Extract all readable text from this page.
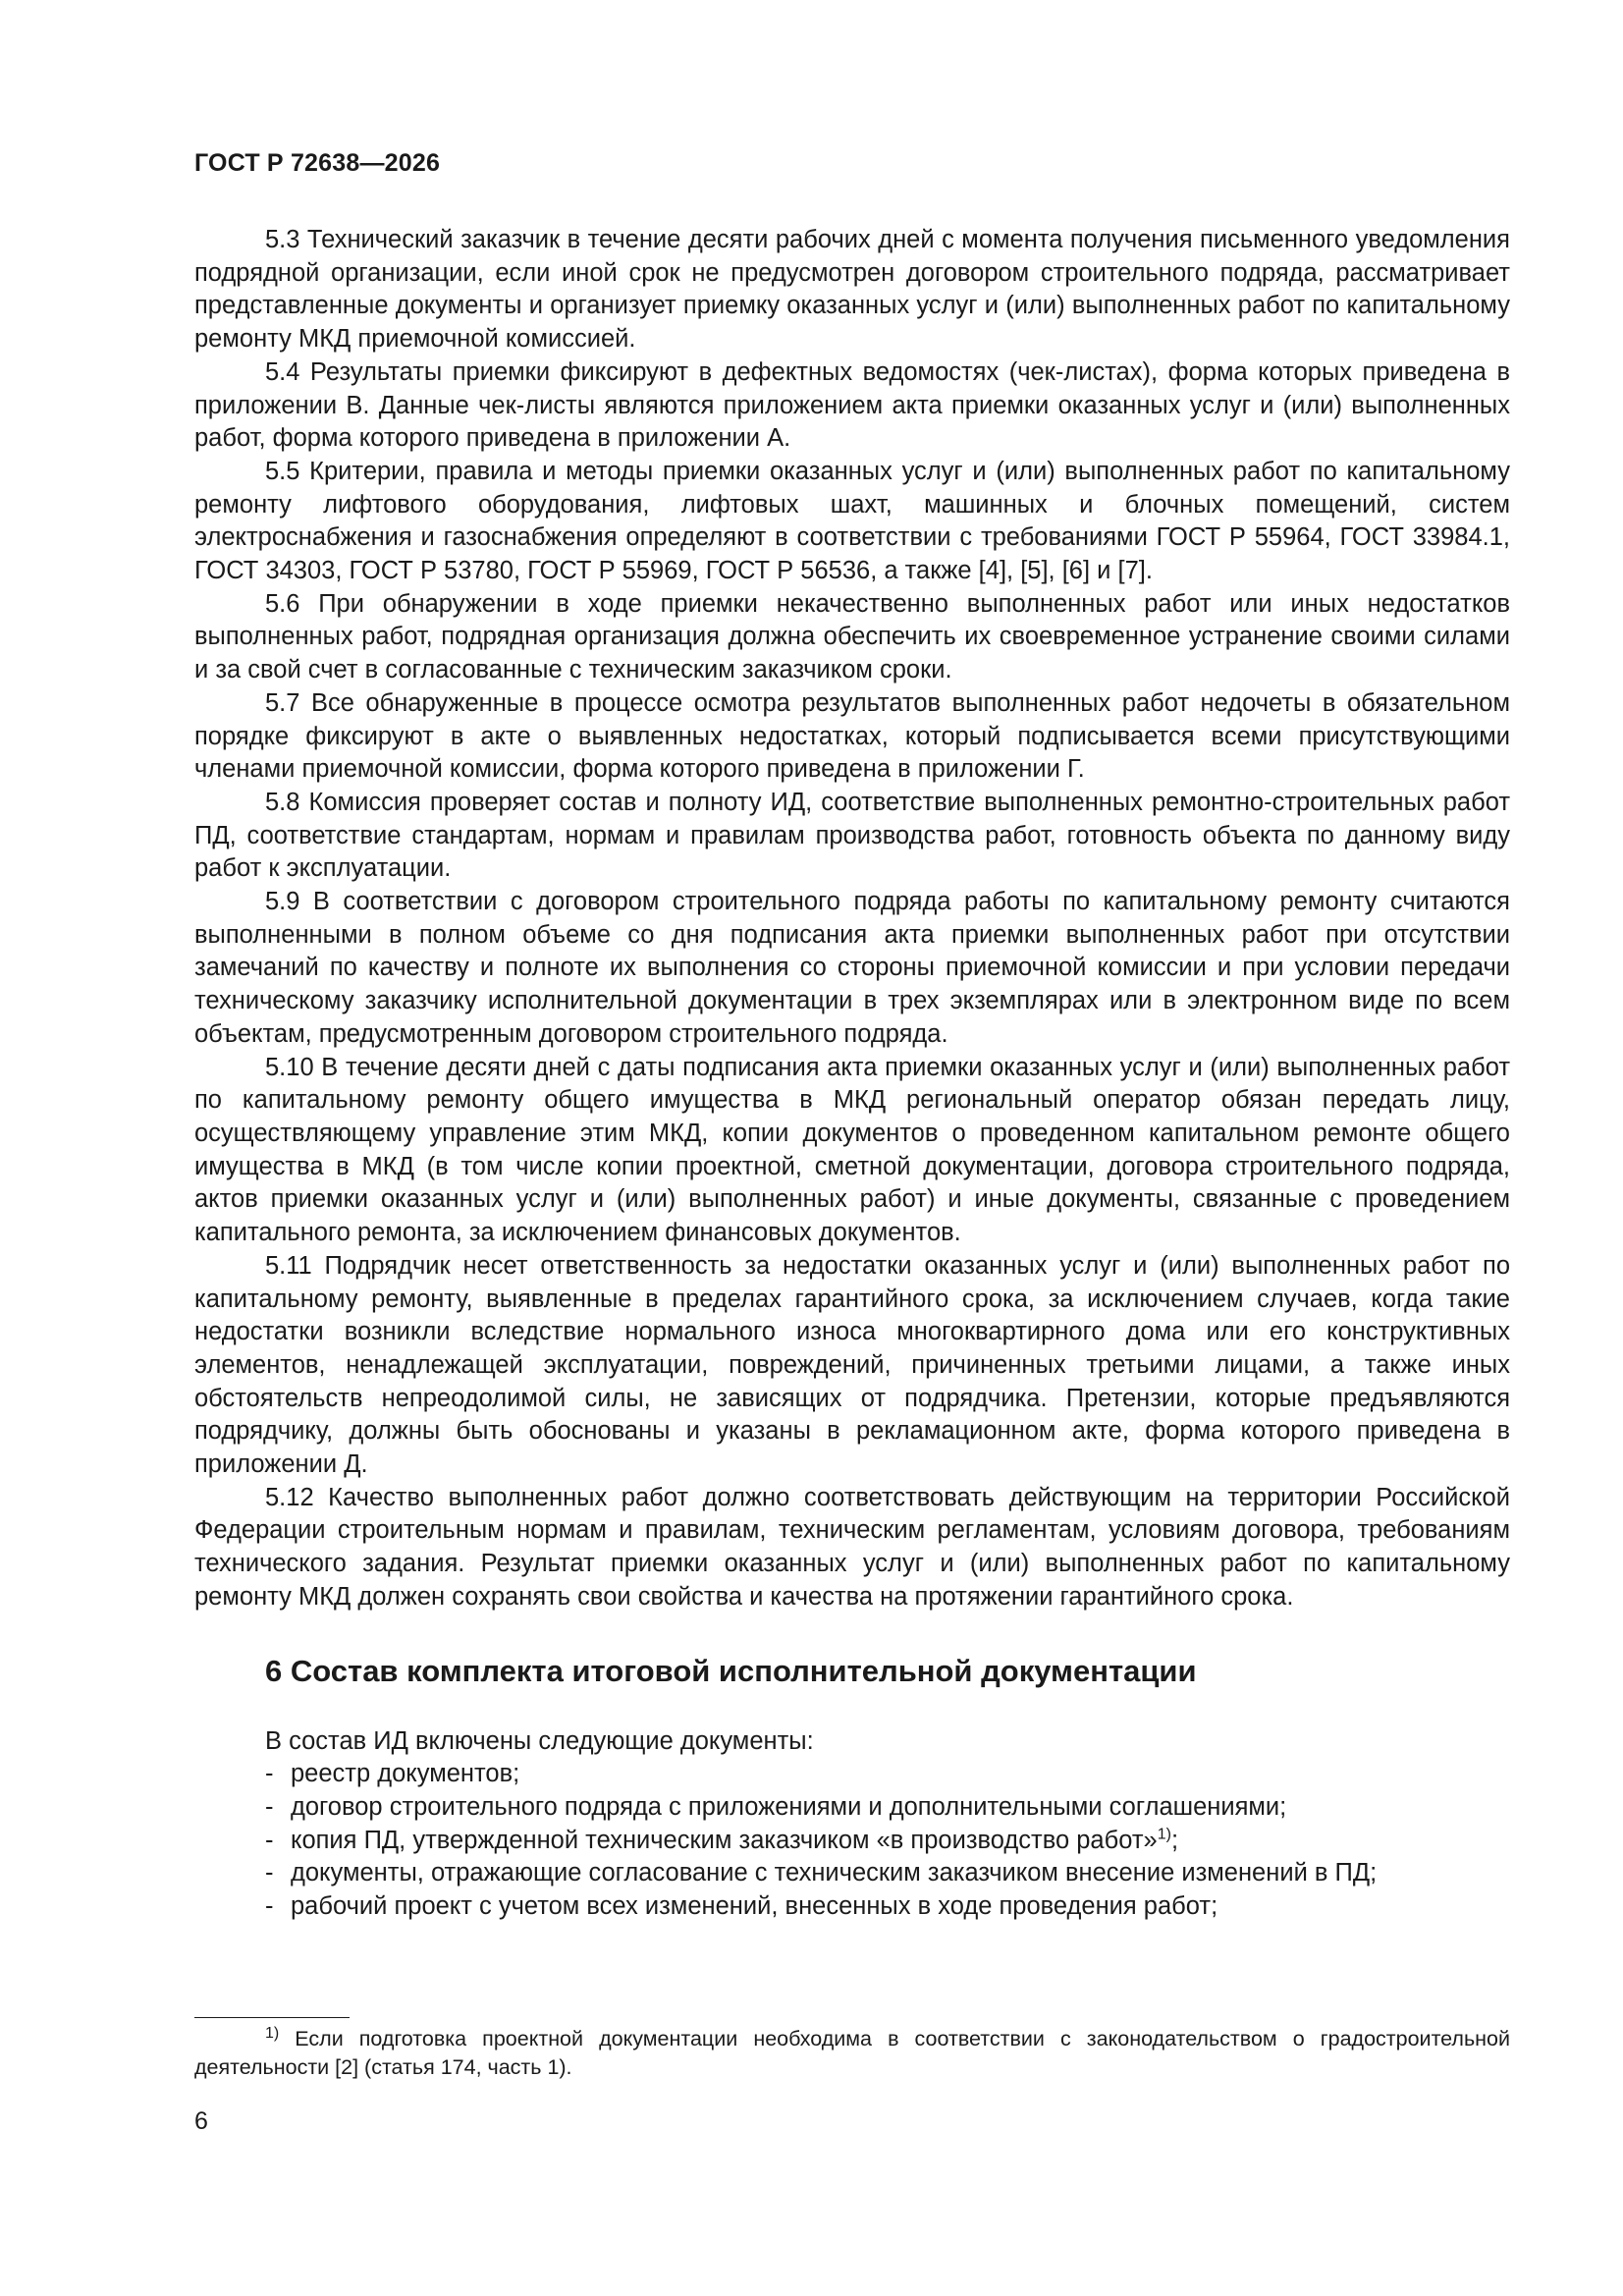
ГОСТ Р 72638—2026

5.3 Технический заказчик в течение десяти рабочих дней с момента получения письменного уведомления подрядной организации, если иной срок не предусмотрен договором строительного подряда, рассматривает представленные документы и организует приемку оказанных услуг и (или) выполненных работ по капитальному ремонту МКД приемочной комиссией.

5.4 Результаты приемки фиксируют в дефектных ведомостях (чек-листах), форма которых приведена в приложении В. Данные чек-листы являются приложением акта приемки оказанных услуг и (или) выполненных работ, форма которого приведена в приложении А.

5.5 Критерии, правила и методы приемки оказанных услуг и (или) выполненных работ по капитальному ремонту лифтового оборудования, лифтовых шахт, машинных и блочных помещений, систем электроснабжения и газоснабжения определяют в соответствии с требованиями ГОСТ Р 55964, ГОСТ 33984.1, ГОСТ 34303, ГОСТ Р 53780, ГОСТ Р 55969, ГОСТ Р 56536, а также [4], [5], [6] и [7].

5.6 При обнаружении в ходе приемки некачественно выполненных работ или иных недостатков выполненных работ, подрядная организация должна обеспечить их своевременное устранение своими силами и за свой счет в согласованные с техническим заказчиком сроки.

5.7 Все обнаруженные в процессе осмотра результатов выполненных работ недочеты в обязательном порядке фиксируют в акте о выявленных недостатках, который подписывается всеми присутствующими членами приемочной комиссии, форма которого приведена в приложении Г.

5.8 Комиссия проверяет состав и полноту ИД, соответствие выполненных ремонтно-строительных работ ПД, соответствие стандартам, нормам и правилам производства работ, готовность объекта по данному виду работ к эксплуатации.

5.9 В соответствии с договором строительного подряда работы по капитальному ремонту считаются выполненными в полном объеме со дня подписания акта приемки выполненных работ при отсутствии замечаний по качеству и полноте их выполнения со стороны приемочной комиссии и при условии передачи техническому заказчику исполнительной документации в трех экземплярах или в электронном виде по всем объектам, предусмотренным договором строительного подряда.

5.10 В течение десяти дней с даты подписания акта приемки оказанных услуг и (или) выполненных работ по капитальному ремонту общего имущества в МКД региональный оператор обязан передать лицу, осуществляющему управление этим МКД, копии документов о проведенном капитальном ремонте общего имущества в МКД (в том числе копии проектной, сметной документации, договора строительного подряда, актов приемки оказанных услуг и (или) выполненных работ) и иные документы, связанные с проведением капитального ремонта, за исключением финансовых документов.

5.11 Подрядчик несет ответственность за недостатки оказанных услуг и (или) выполненных работ по капитальному ремонту, выявленные в пределах гарантийного срока, за исключением случаев, когда такие недостатки возникли вследствие нормального износа многоквартирного дома или его конструктивных элементов, ненадлежащей эксплуатации, повреждений, причиненных третьими лицами, а также иных обстоятельств непреодолимой силы, не зависящих от подрядчика. Претензии, которые предъявляются подрядчику, должны быть обоснованы и указаны в рекламационном акте, форма которого приведена в приложении Д.

5.12 Качество выполненных работ должно соответствовать действующим на территории Российской Федерации строительным нормам и правилам, техническим регламентам, условиям договора, требованиям технического задания. Результат приемки оказанных услуг и (или) выполненных работ по капитальному ремонту МКД должен сохранять свои свойства и качества на протяжении гарантийного срока.

6 Состав комплекта итоговой исполнительной документации

В состав ИД включены следующие документы:

- реестр документов;
- договор строительного подряда с приложениями и дополнительными соглашениями;
- копия ПД, утвержденной техническим заказчиком «в производство работ»$^{1)}$;
- документы, отражающие согласование с техническим заказчиком внесение изменений в ПД;
- рабочий проект с учетом всех изменений, внесенных в ходе проведения работ;

$^{1)}$ Если подготовка проектной документации необходима в соответствии с законодательством о градостроительной деятельности [2] (статья 174, часть 1).

6
